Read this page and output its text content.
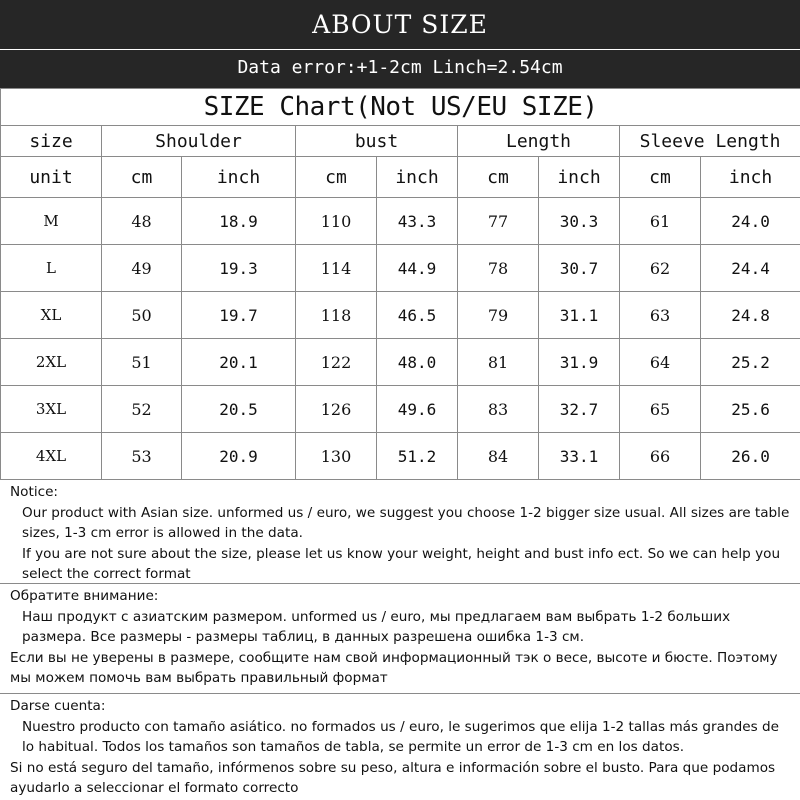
ABOUT SIZE
Data error:+1-2cm Linch=2.54cm
SIZE Chart(Not US/EU SIZE)								
size	Shoulder		bust		Length		Sleeve Length	
unit	cm	inch	cm	inch	cm	inch	cm	inch
M	48	18.9	110	43.3	77	30.3	61	24.0
L	49	19.3	114	44.9	78	30.7	62	24.4
XL	50	19.7	118	46.5	79	31.1	63	24.8
2XL	51	20.1	122	48.0	81	31.9	64	25.2
3XL	52	20.5	126	49.6	83	32.7	65	25.6
4XL	53	20.9	130	51.2	84	33.1	66	26.0
Notice:
Our product with Asian size. unformed us / euro, we suggest you choose 1-2 bigger size usual. All sizes are table sizes, 1-3 cm error is allowed in the data.
If you are not sure about the size, please let us know your weight, height and bust info ect. So we can help you select the correct format
Обратите внимание:
Наш продукт с азиатским размером. unformed us / euro, мы предлагаем вам выбрать 1-2 больших размера. Все размеры - размеры таблиц, в данных разрешена ошибка 1-3 см.
Если вы не уверены в размере, сообщите нам свой информационный тэк о весе, высоте и бюсте. Поэтому мы можем помочь вам выбрать правильный формат
Darse cuenta:
Nuestro producto con tamaño asiático. no formados us / euro, le sugerimos que elija 1-2 tallas más grandes de lo habitual. Todos los tamaños son tamaños de tabla, se permite un error de 1-3 cm en los datos.
Si no está seguro del tamaño, infórmenos sobre su peso, altura e información sobre el busto. Para que podamos ayudarlo a seleccionar el formato correcto
